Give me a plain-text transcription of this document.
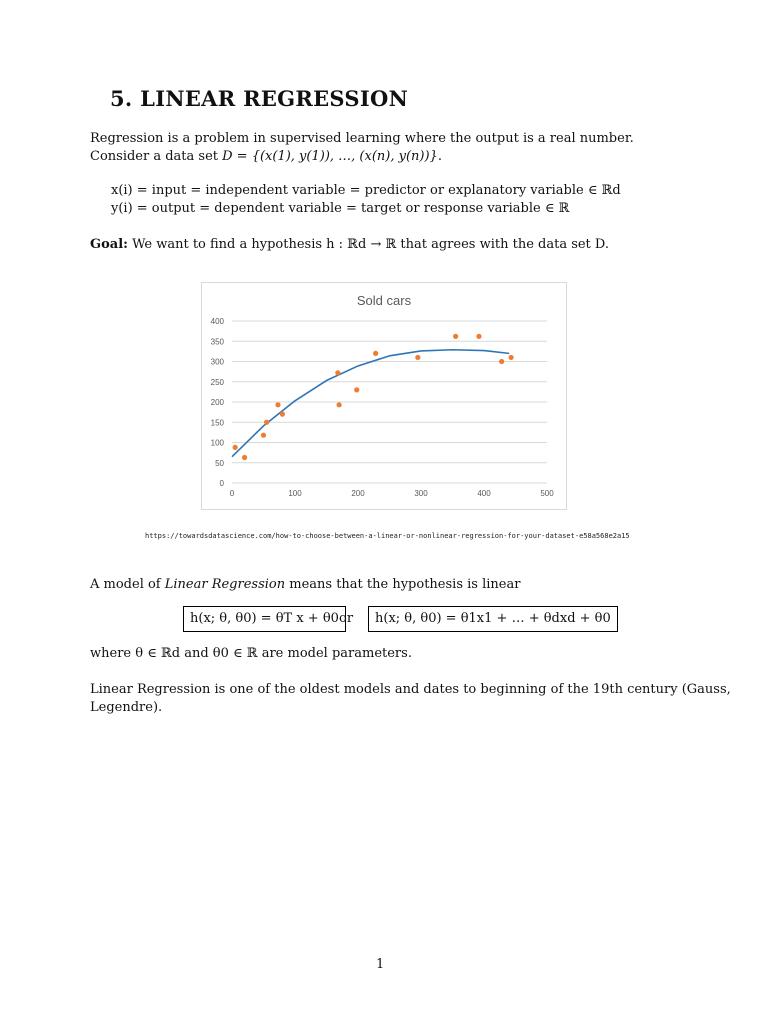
5. LINEAR REGRESSION
Regression is a problem in supervised learning where the output is a real number.
Consider a data set D = {(x(1), y(1)), …, (x(n), y(n))}.
x(i) = input = independent variable = predictor or explanatory variable ∈ ℝd
y(i) = output = dependent variable = target or response variable ∈ ℝ
Goal: We want to find a hypothesis h : ℝd → ℝ that agrees with the data set D.
0
50
100
150
200
250
300
350
400
0	100	200	300	400	500
Sold cars
https://towardsdatascience.com/how-to-choose-between-a-linear-or-nonlinear-regression-for-your-dataset-e58a568e2a15
A model of Linear Regression means that the hypothesis is linear
h(x; θ, θ0) = θT x + θ0 or	h(x; θ, θ0) = θ1x1 + … + θdxd + θ0
where θ ∈ ℝd and θ0 ∈ ℝ are model parameters.
Linear Regression is one of the oldest models and dates to beginning of the 19th century (Gauss,
Legendre).
1
